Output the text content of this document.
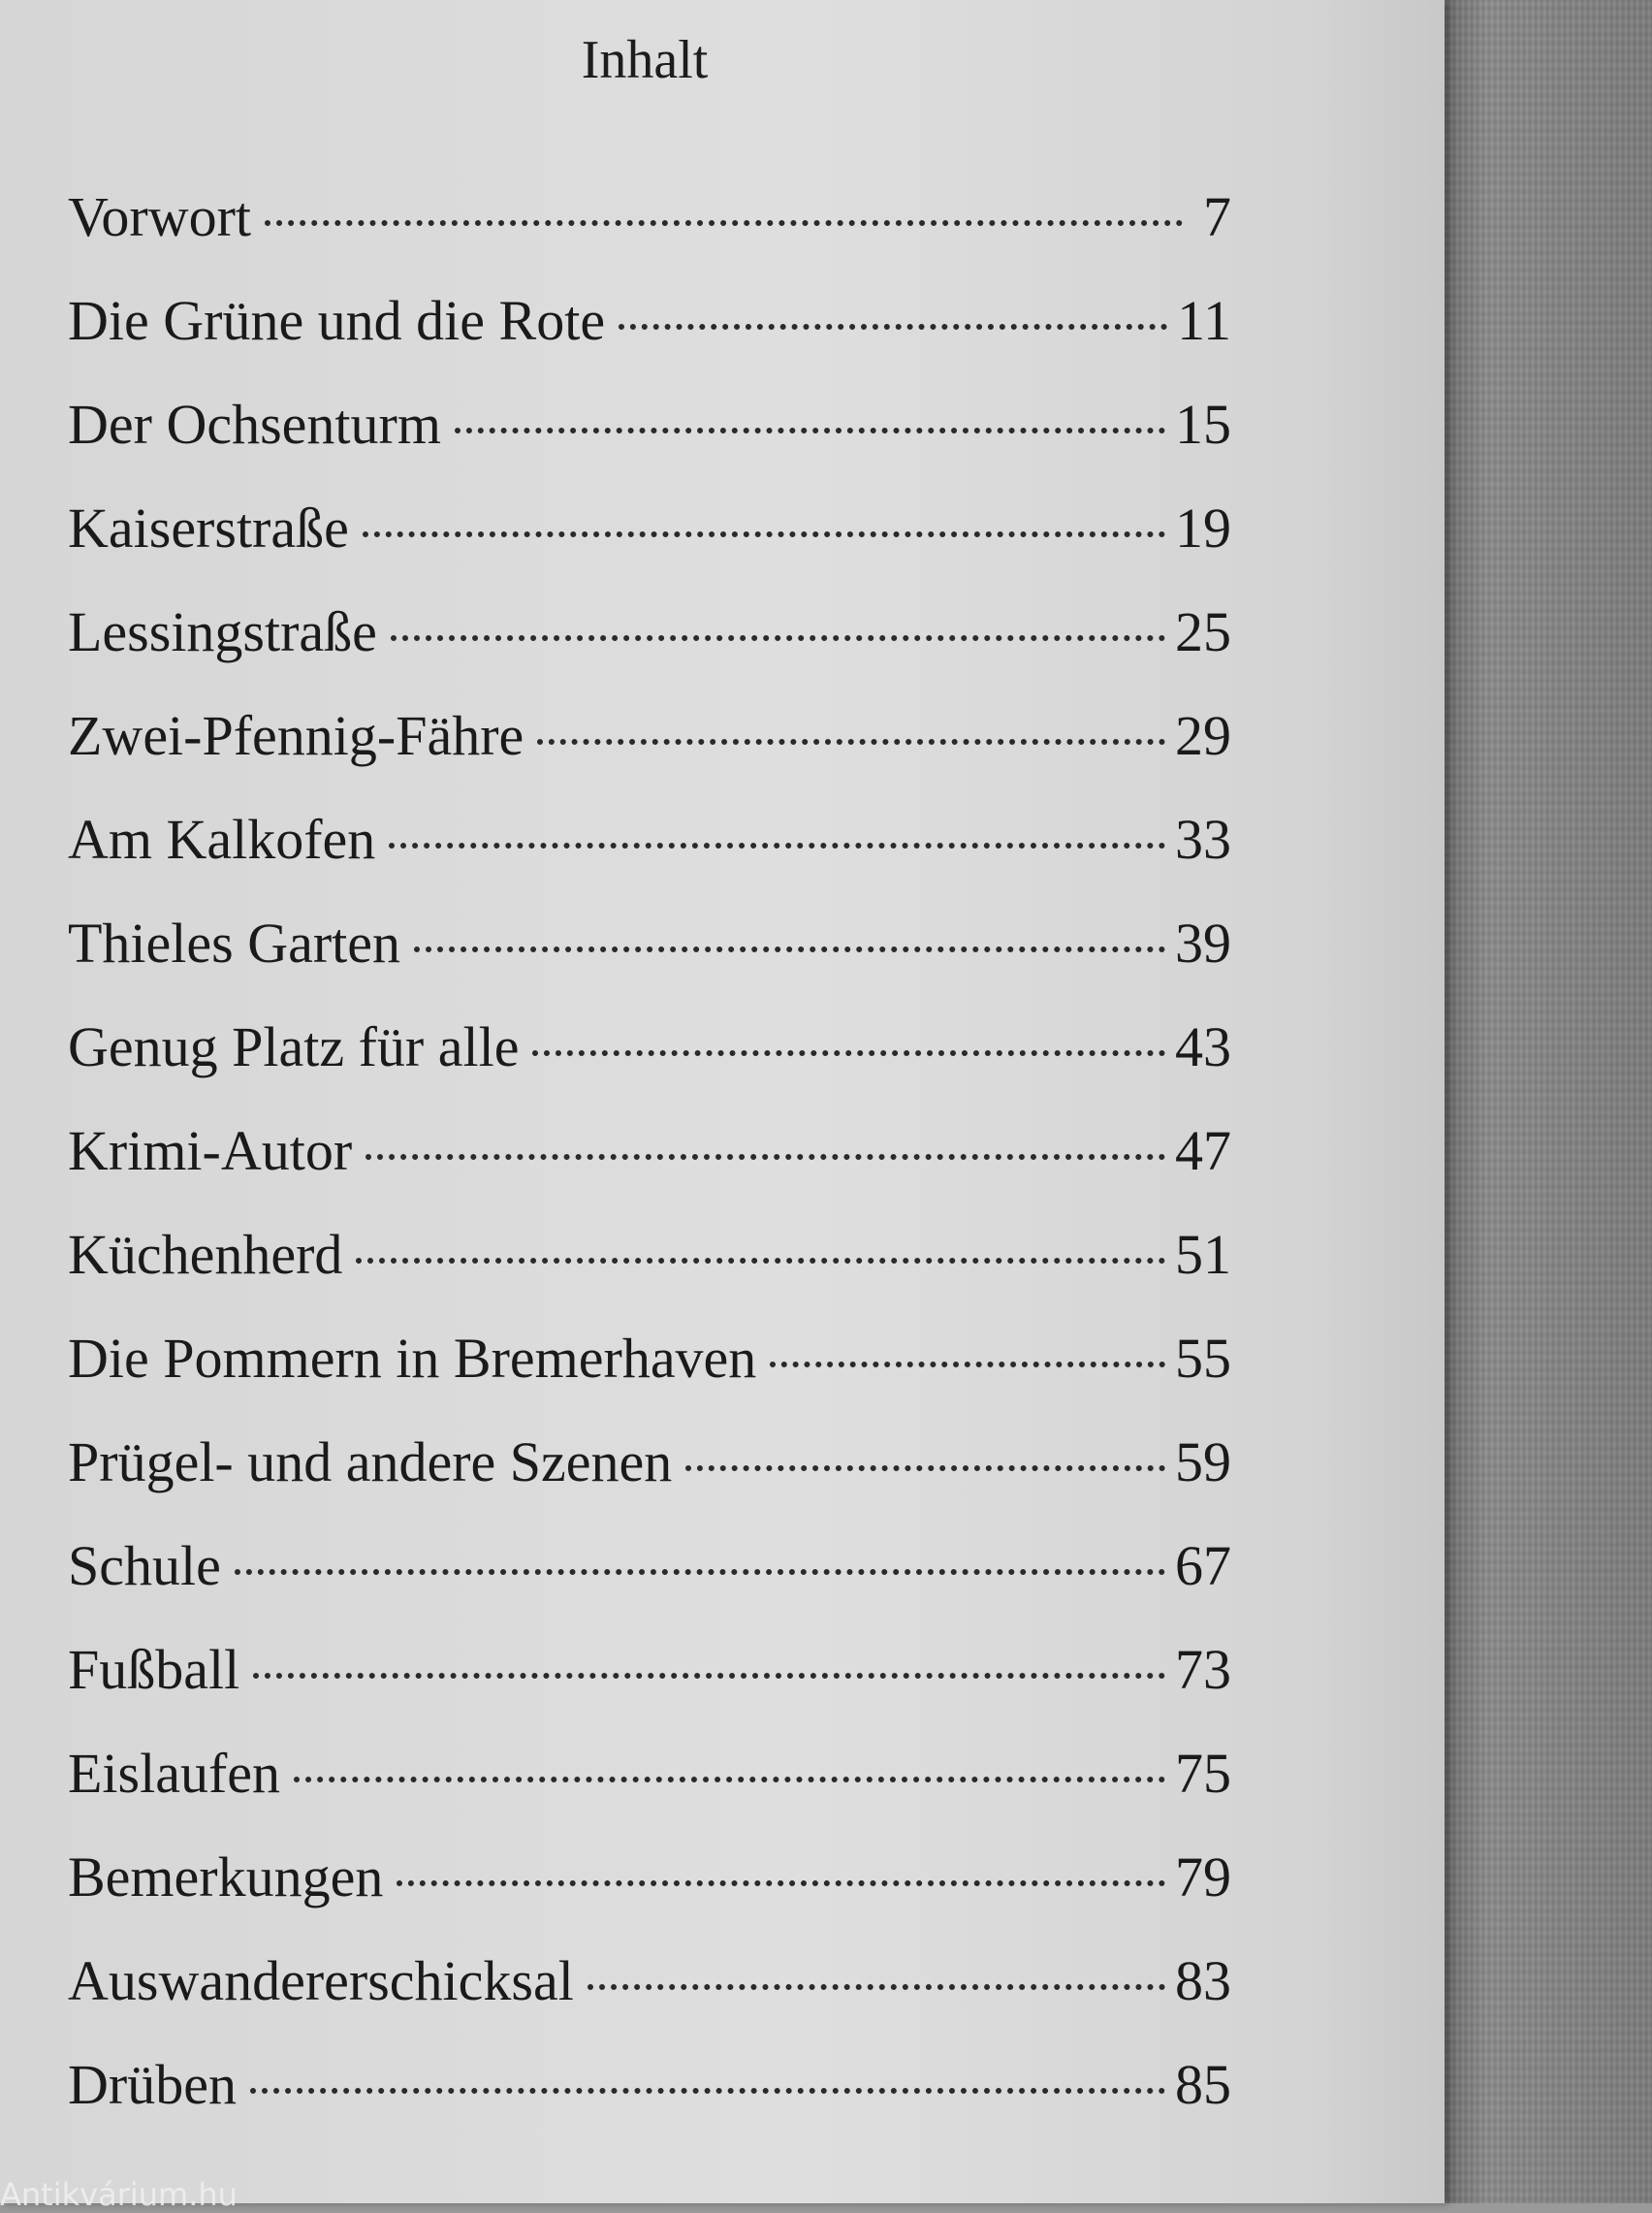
Inhalt
Vorwort	7
Die Grüne und die Rote	11
Der Ochsenturm	15
Kaiserstraße	19
Lessingstraße	25
Zwei-Pfennig-Fähre	29
Am Kalkofen	33
Thieles Garten	39
Genug Platz für alle	43
Krimi-Autor	47
Küchenherd	51
Die Pommern in Bremerhaven	55
Prügel- und andere Szenen	59
Schule	67
Fußball	73
Eislaufen	75
Bemerkungen	79
Auswandererschicksal	83
Drüben	85
Antikvárium.hu
